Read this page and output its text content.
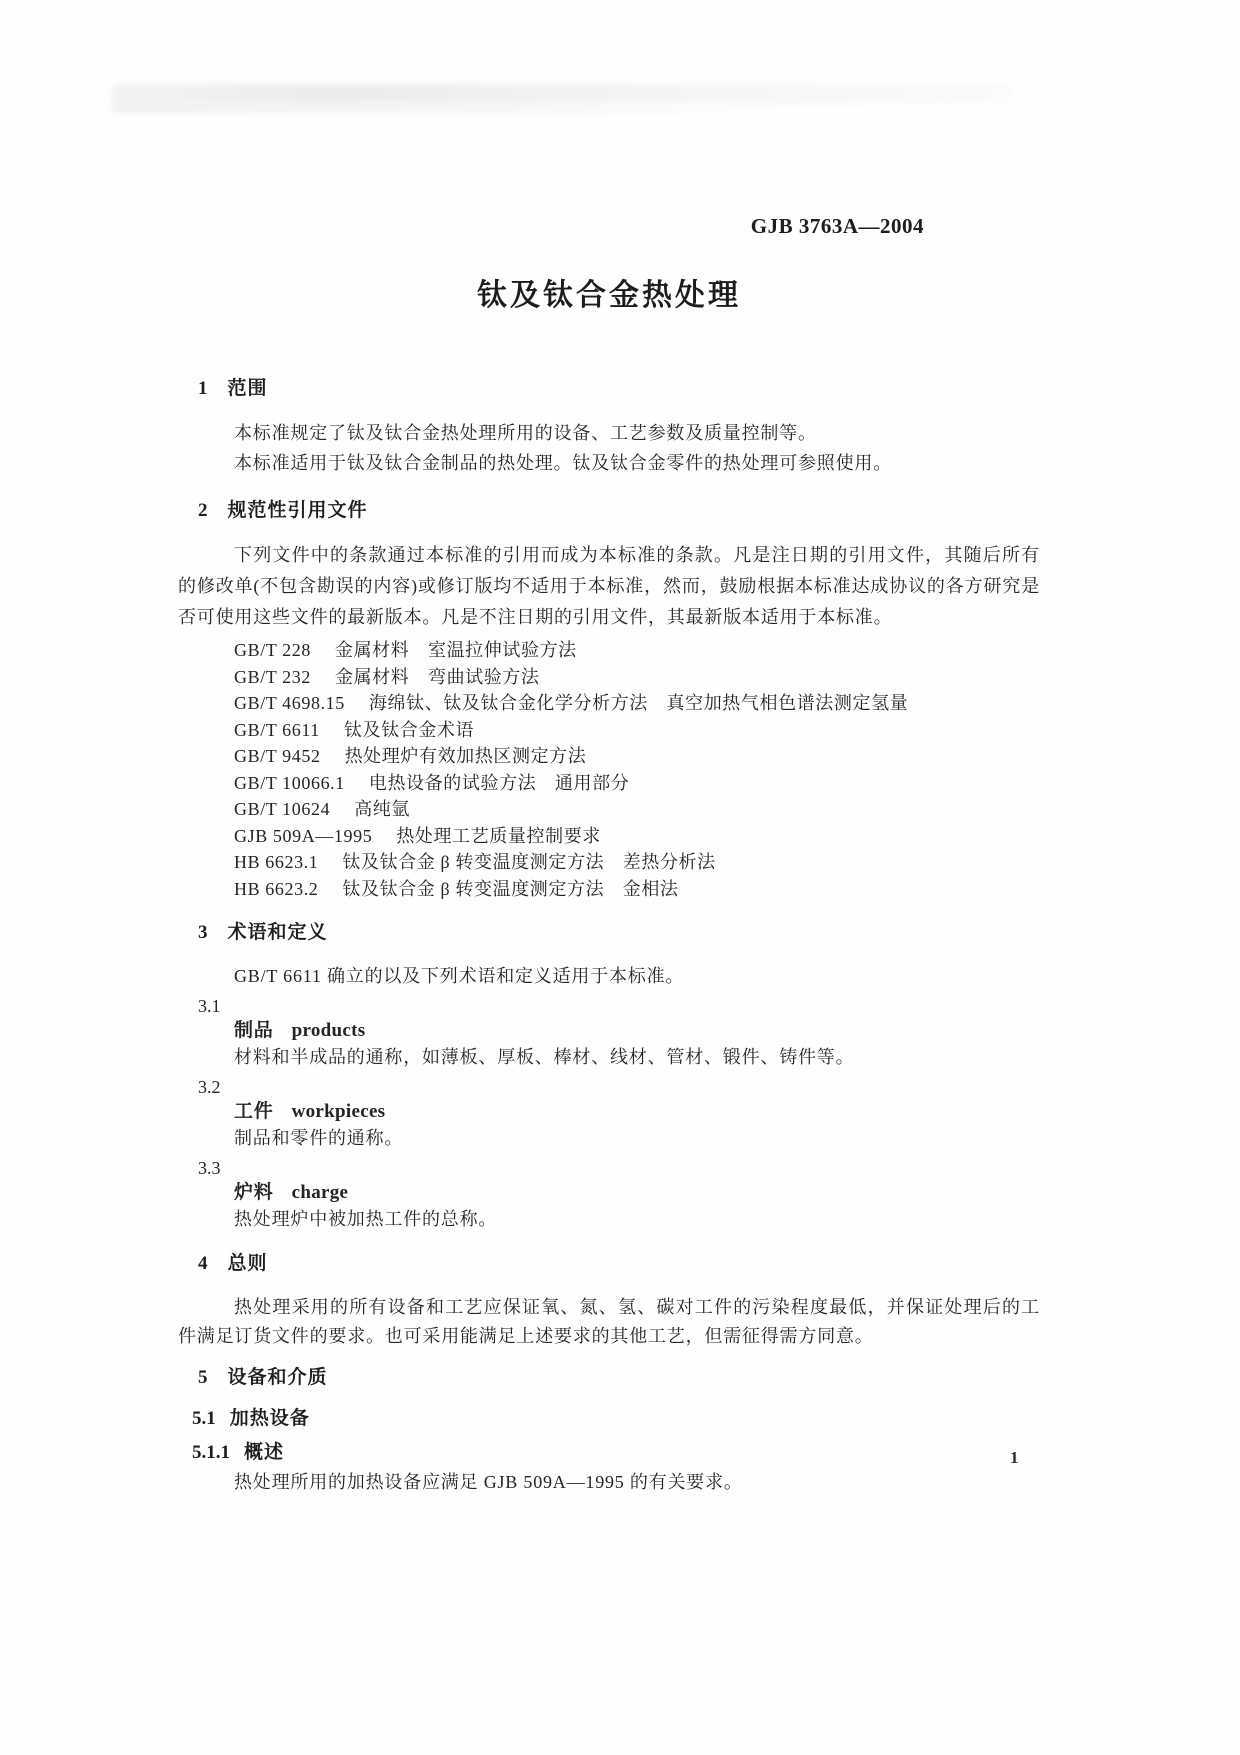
GJB 3763A—2004
钛及钛合金热处理
1 范围

本标准规定了钛及钛合金热处理所用的设备、工艺参数及质量控制等。

本标准适用于钛及钛合金制品的热处理。钛及钛合金零件的热处理可参照使用。

2 规范性引用文件

下列文件中的条款通过本标准的引用而成为本标准的条款。凡是注日期的引用文件，其随后所有的修改单(不包含勘误的内容)或修订版均不适用于本标准，然而，鼓励根据本标准达成协议的各方研究是否可使用这些文件的最新版本。凡是不注日期的引用文件，其最新版本适用于本标准。

GB/T 228 金属材料　室温拉伸试验方法
GB/T 232 金属材料　弯曲试验方法
GB/T 4698.15 海绵钛、钛及钛合金化学分析方法　真空加热气相色谱法测定氢量
GB/T 6611 钛及钛合金术语
GB/T 9452 热处理炉有效加热区测定方法
GB/T 10066.1 电热设备的试验方法　通用部分
GB/T 10624 高纯氩
GJB 509A—1995 热处理工艺质量控制要求
HB 6623.1 钛及钛合金 β 转变温度测定方法　差热分析法
HB 6623.2 钛及钛合金 β 转变温度测定方法　金相法
3 术语和定义

GB/T 6611 确立的以及下列术语和定义适用于本标准。

3.1
制品 products

材料和半成品的通称，如薄板、厚板、棒材、线材、管材、锻件、铸件等。

3.2
工件 workpieces

制品和零件的通称。

3.3
炉料 charge

热处理炉中被加热工件的总称。

4 总则

热处理采用的所有设备和工艺应保证氧、氮、氢、碳对工件的污染程度最低，并保证处理后的工件满足订货文件的要求。也可采用能满足上述要求的其他工艺，但需征得需方同意。

5 设备和介质
5.1 加热设备
5.1.1 概述

热处理所用的加热设备应满足 GJB 509A—1995 的有关要求。

1
